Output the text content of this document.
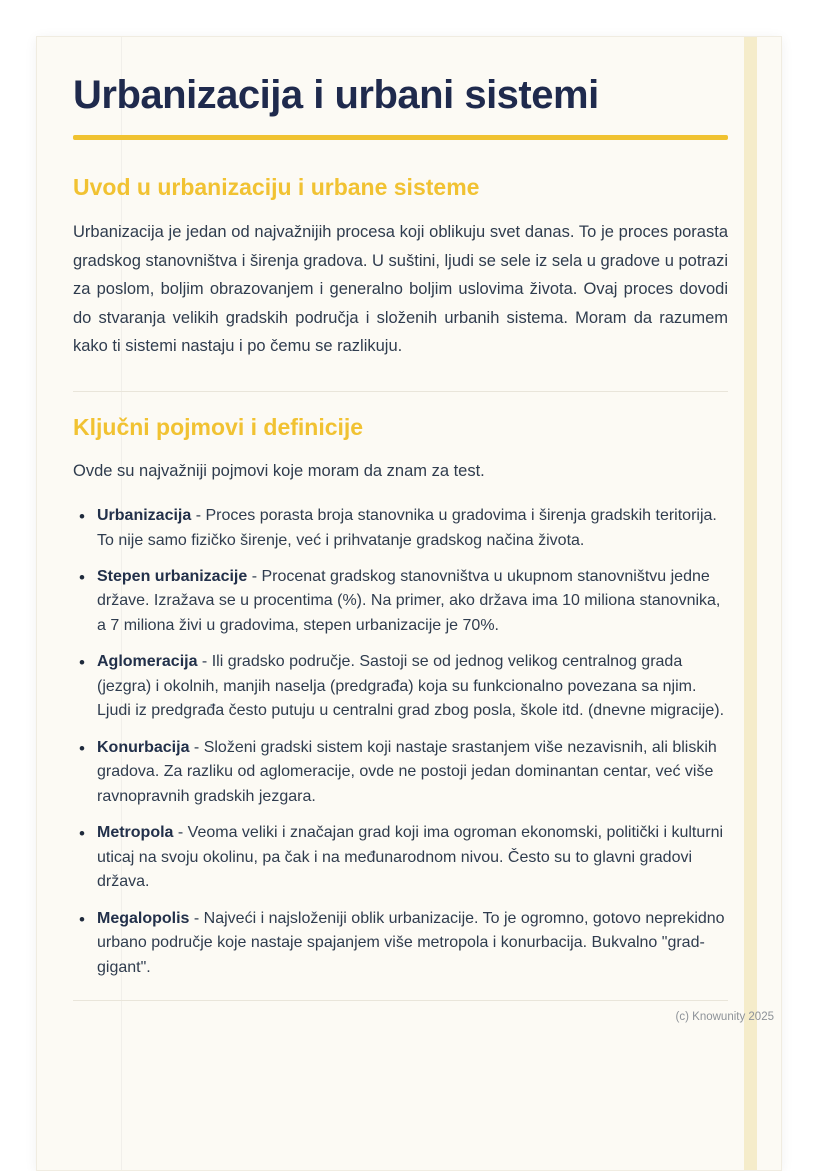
Urbanizacija i urbani sistemi
Uvod u urbanizaciju i urbane sisteme

Urbanizacija je jedan od najvažnijih procesa koji oblikuju svet danas. To je proces porasta gradskog stanovništva i širenja gradova. U suštini, ljudi se sele iz sela u gradove u potrazi za poslom, boljim obrazovanjem i generalno boljim uslovima života. Ovaj proces dovodi do stvaranja velikih gradskih područja i složenih urbanih sistema. Moram da razumem kako ti sistemi nastaju i po čemu se razlikuju.

Ključni pojmovi i definicije

Ovde su najvažniji pojmovi koje moram da znam za test.

• Urbanizacija - Proces porasta broja stanovnika u gradovima i širenja gradskih teritorija. To nije samo fizičko širenje, već i prihvatanje gradskog načina života.
• Stepen urbanizacije - Procenat gradskog stanovništva u ukupnom stanovništvu jedne države. Izražava se u procentima (%). Na primer, ako država ima 10 miliona stanovnika, a 7 miliona živi u gradovima, stepen urbanizacije je 70%.
• Aglomeracija - Ili gradsko područje. Sastoji se od jednog velikog centralnog grada (jezgra) i okolnih, manjih naselja (predgrađa) koja su funkcionalno povezana sa njim. Ljudi iz predgrađa često putuju u centralni grad zbog posla, škole itd. (dnevne migracije).
• Konurbacija - Složeni gradski sistem koji nastaje srastanjem više nezavisnih, ali bliskih gradova. Za razliku od aglomeracije, ovde ne postoji jedan dominantan centar, već više ravnopravnih gradskih jezgara.
• Metropola - Veoma veliki i značajan grad koji ima ogroman ekonomski, politički i kulturni uticaj na svoju okolinu, pa čak i na međunarodnom nivou. Često su to glavni gradovi država.
• Megalopolis - Najveći i najsloženiji oblik urbanizacije. To je ogromno, gotovo neprekidno urbano područje koje nastaje spajanjem više metropola i konurbacija. Bukvalno "grad-gigant".
(c) Knowunity 2025
